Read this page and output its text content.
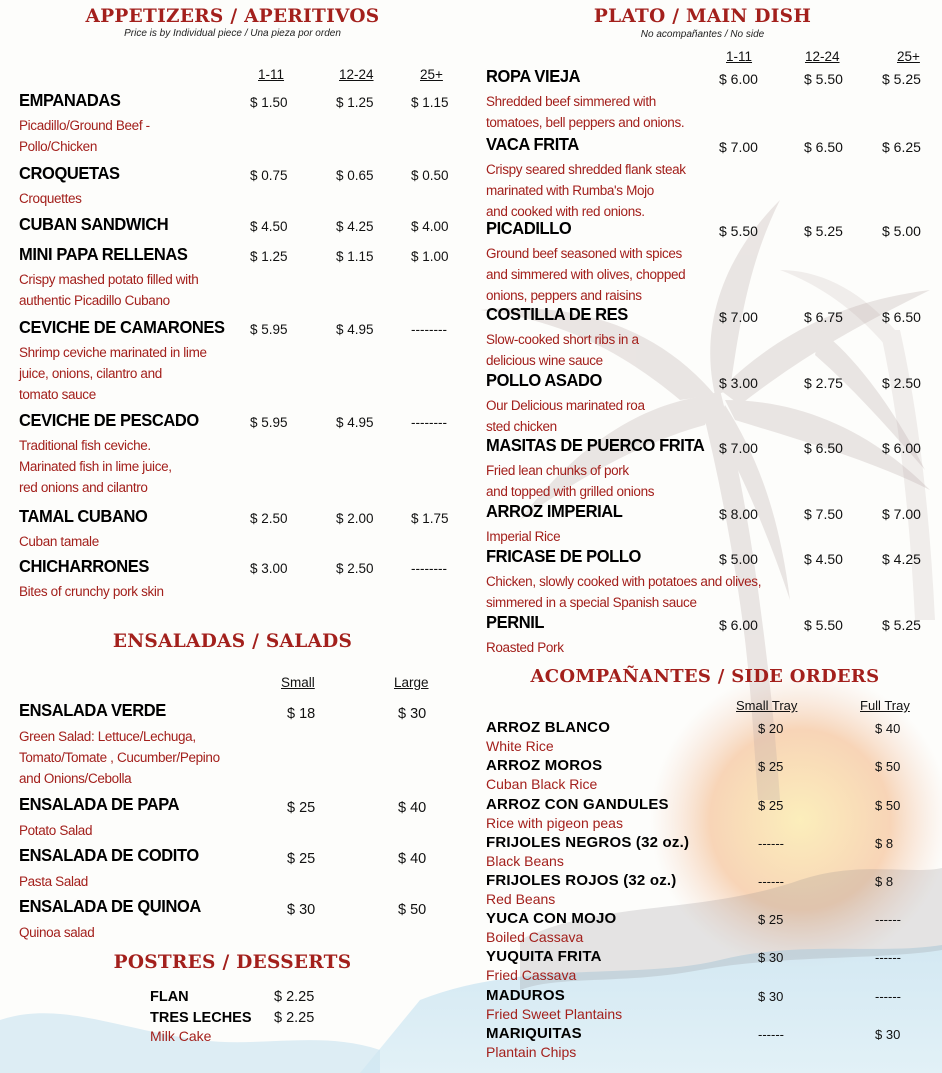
APPETIZERS / APERITIVOS
Price is by Individual piece / Una pieza por orden
1-11	12-24	25+
EMPANADAS	$ 1.50	$ 1.25	$ 1.15
Picadillo/Ground Beef -
Pollo/Chicken
CROQUETAS	$ 0.75	$ 0.65	$ 0.50
Croquettes
CUBAN SANDWICH	$ 4.50	$ 4.25	$ 4.00
MINI PAPA RELLENAS	$ 1.25	$ 1.15	$ 1.00
Crispy mashed potato filled with
authentic Picadillo Cubano
CEVICHE DE CAMARONES $ 5.95	$ 4.95	--------
Shrimp ceviche marinated in lime
juice, onions, cilantro and
tomato sauce
CEVICHE DE PESCADO	$ 5.95	$ 4.95	--------
Traditional fish ceviche.
Marinated fish in lime juice,
red onions and cilantro
TAMAL CUBANO	$ 2.50	$ 2.00	$ 1.75
Cuban tamale
CHICHARRONES	$ 3.00	$ 2.50	--------
Bites of crunchy pork skin
ENSALADAS / SALADS
Small	Large
ENSALADA VERDE	$ 18	$ 30
Green Salad: Lettuce/Lechuga,
Tomato/Tomate , Cucumber/Pepino
and Onions/Cebolla
ENSALADA DE PAPA	$ 25	$ 40
Potato Salad
ENSALADA DE CODITO	$ 25	$ 40
Pasta Salad
ENSALADA DE QUINOA	$ 30	$ 50
Quinoa salad
POSTRES / DESSERTS
FLAN	$ 2.25
TRES LECHES $ 2.25
Milk Cake
PLATO / MAIN DISH
No acompañantes / No side
1-11	12-24	25+
ROPA VIEJA	$ 6.00	$ 5.50	$ 5.25
Shredded beef simmered with
tomatoes, bell peppers and onions.
VACA FRITA	$ 7.00	$ 6.50	$ 6.25
Crispy seared shredded flank steak
marinated with Rumba's Mojo
and cooked with red onions.
PICADILLO	$ 5.50	$ 5.25	$ 5.00
Ground beef seasoned with spices
and simmered with olives, chopped
onions, peppers and raisins
COSTILLA DE RES	$ 7.00	$ 6.75	$ 6.50
Slow-cooked short ribs in a
delicious wine sauce
POLLO ASADO	$ 3.00	$ 2.75	$ 2.50
Our Delicious marinated roa
sted chicken
MASITAS DE PUERCO FRITA $ 7.00	$ 6.50	$ 6.00
Fried lean chunks of pork
and topped with grilled onions
ARROZ IMPERIAL	$ 8.00	$ 7.50	$ 7.00
Imperial Rice
FRICASE DE POLLO	$ 5.00	$ 4.50	$ 4.25
Chicken, slowly cooked with potatoes and olives,
simmered in a special Spanish sauce
PERNIL	$ 6.00	$ 5.50	$ 5.25
Roasted Pork
ACOMPAÑANTES / SIDE ORDERS
Small Tray	Full Tray
ARROZ BLANCO	$ 20	$ 40
White Rice
ARROZ MOROS	$ 25	$ 50
Cuban Black Rice
ARROZ CON GANDULES	$ 25	$ 50
Rice with pigeon peas
FRIJOLES NEGROS (32 oz.)	------	$ 8
Black Beans
FRIJOLES ROJOS (32 oz.)	------	$ 8
Red Beans
YUCA CON MOJO	$ 25	------
Boiled Cassava
YUQUITA FRITA	$ 30	------
Fried Cassava
MADUROS	$ 30	------
Fried Sweet Plantains
MARIQUITAS	------	$ 30
Plantain Chips
